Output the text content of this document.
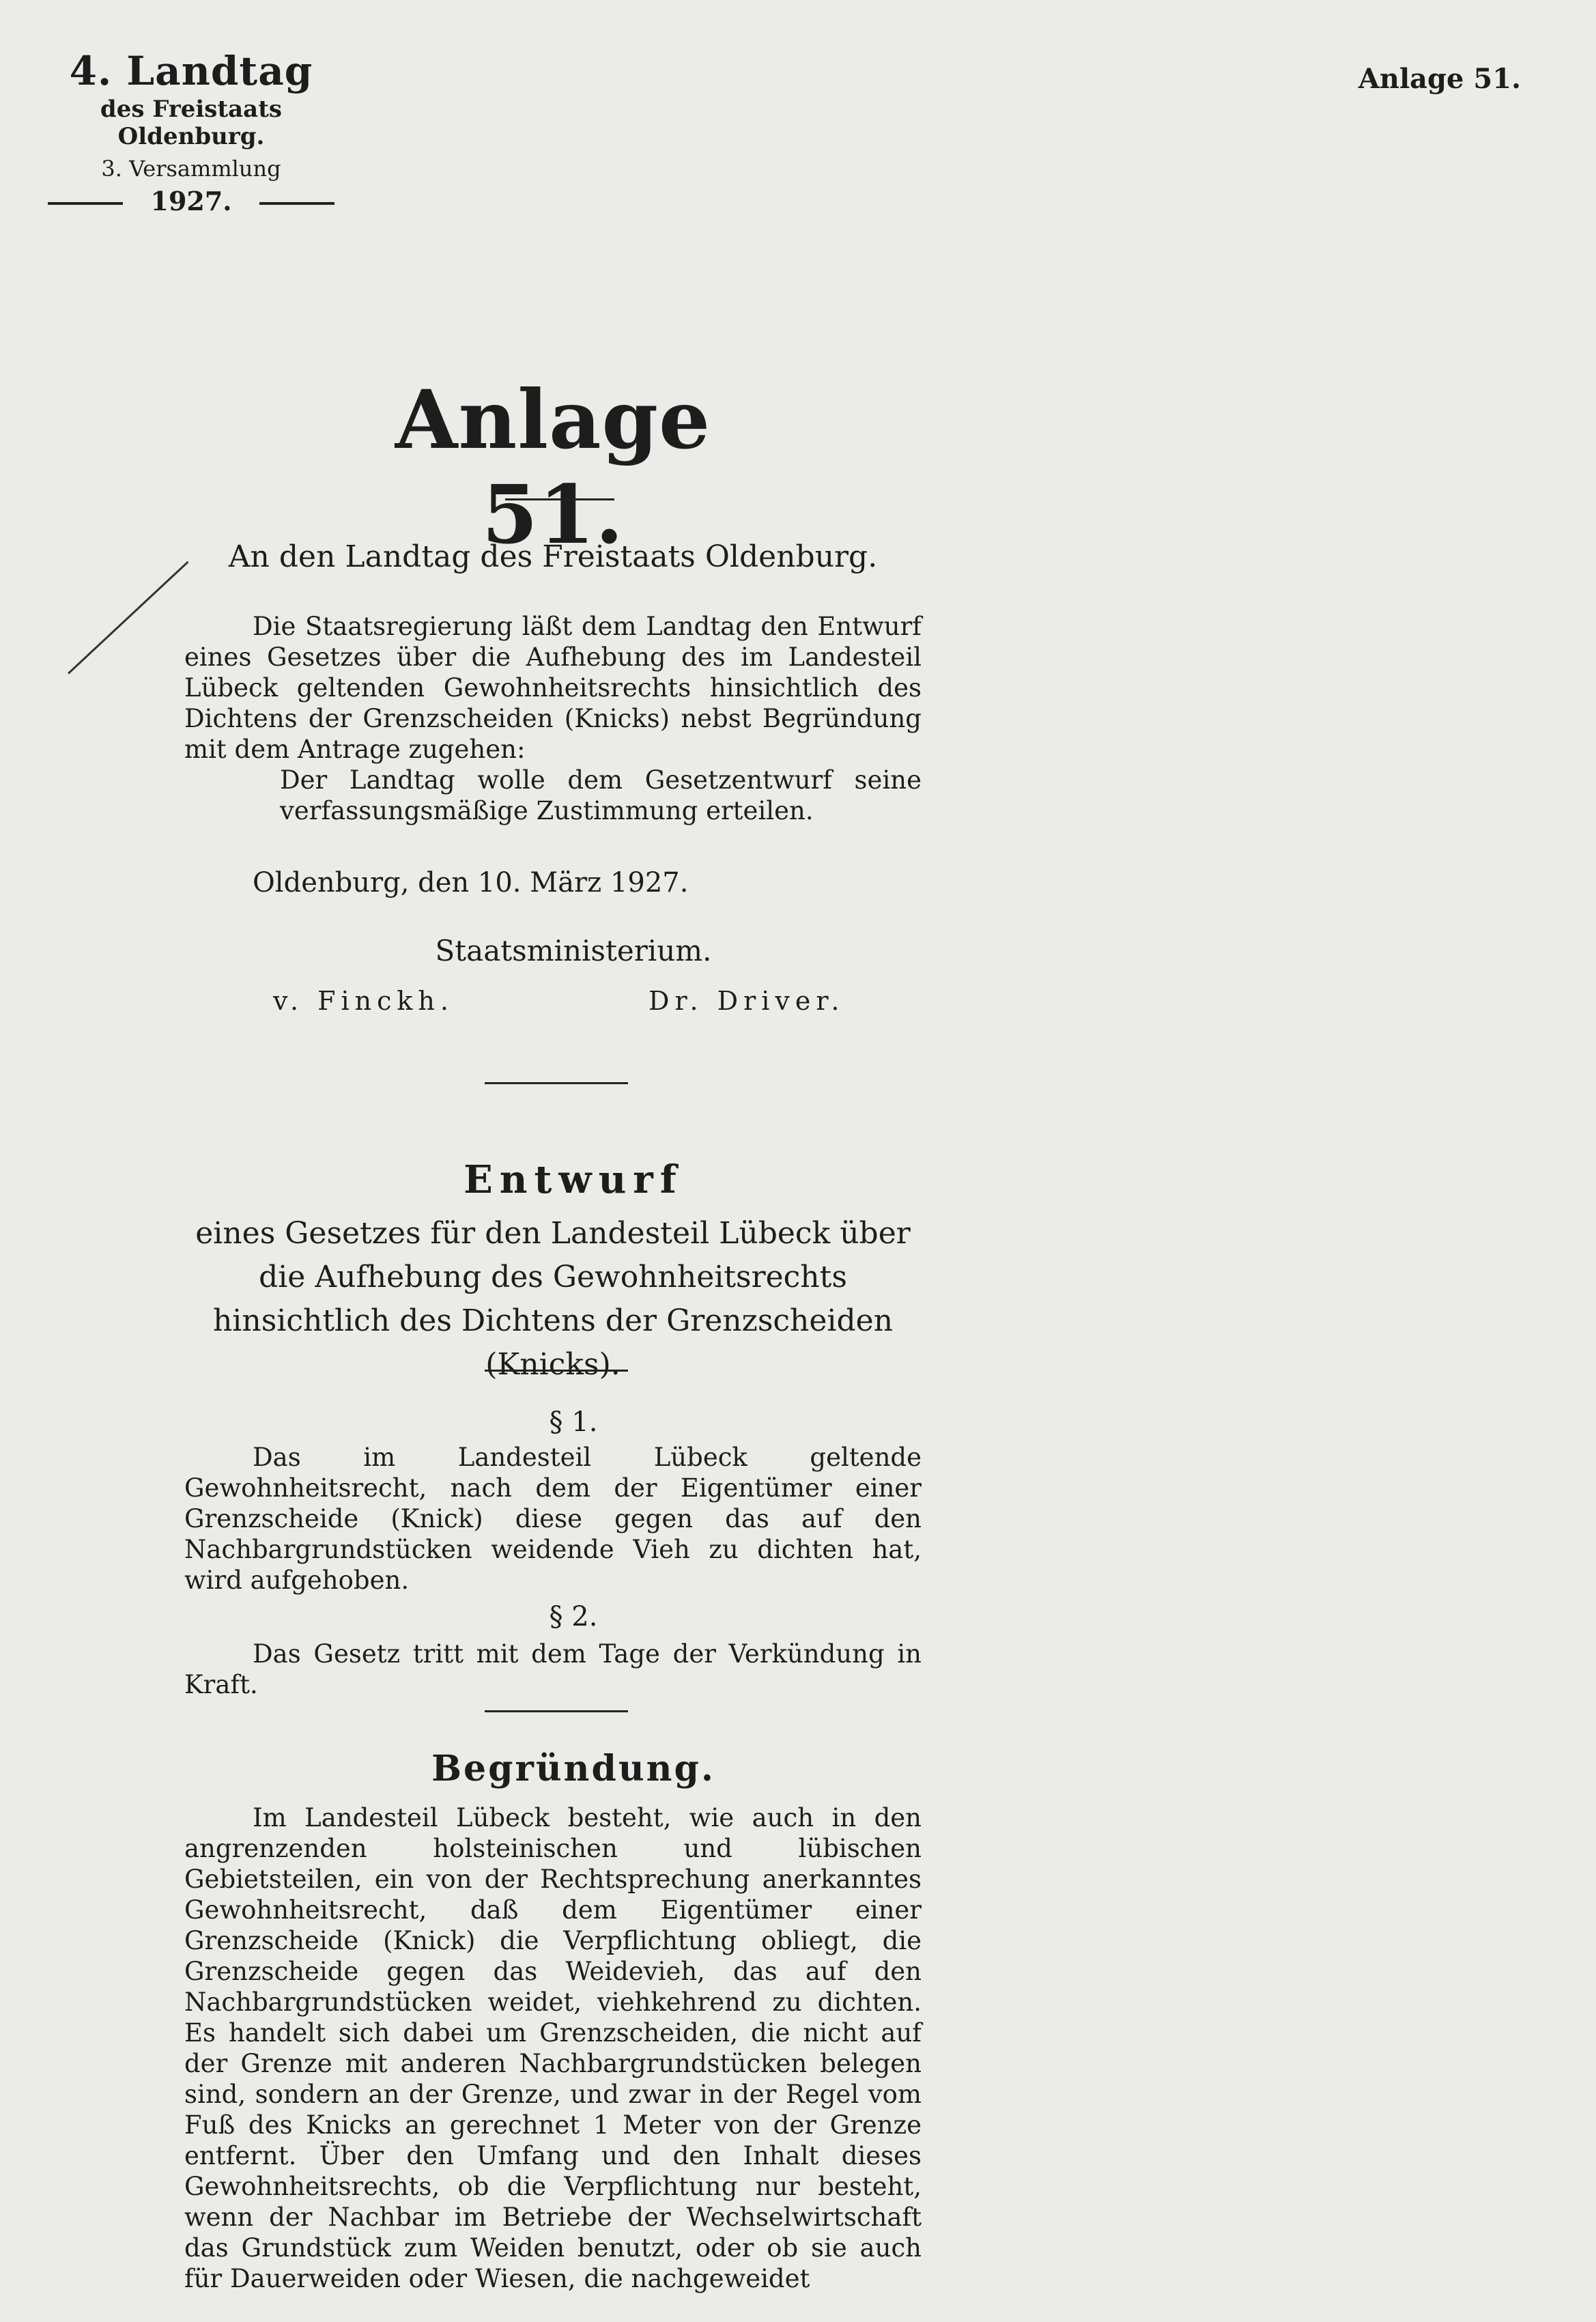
4. Landtag
des Freistaats Oldenburg.
3. Versammlung
1927.
Anlage 51.
Anlage 51.
An den Landtag des Freistaats Oldenburg.

Die Staatsregierung läßt dem Landtag den Entwurf eines Gesetzes über die Aufhebung des im Landesteil Lübeck geltenden Gewohnheitsrechts hinsichtlich des Dichtens der Grenzscheiden (Knicks) nebst Begründung mit dem Antrage zugehen:

Der Landtag wolle dem Gesetzentwurf seine verfassungsmäßige Zustimmung erteilen.

Oldenburg, den 10. März 1927.
Staatsministerium.
v. Finckh.	Dr. Driver.
Entwurf
eines Gesetzes für den Landesteil Lübeck über die Aufhebung des Gewohnheitsrechts hinsichtlich des Dichtens der Grenzscheiden (Knicks).
§ 1.

Das im Landesteil Lübeck geltende Gewohnheitsrecht, nach dem der Eigentümer einer Grenzscheide (Knick) diese gegen das auf den Nachbargrundstücken weidende Vieh zu dichten hat, wird aufgehoben.

§ 2.

Das Gesetz tritt mit dem Tage der Verkündung in Kraft.

Begründung.

Im Landesteil Lübeck besteht, wie auch in den angrenzenden holsteinischen und lübischen Gebietsteilen, ein von der Rechtsprechung anerkanntes Gewohnheitsrecht, daß dem Eigentümer einer Grenzscheide (Knick) die Verpflichtung obliegt, die Grenzscheide gegen das Weidevieh, das auf den Nachbargrundstücken weidet, viehkehrend zu dichten. Es handelt sich dabei um Grenzscheiden, die nicht auf der Grenze mit anderen Nachbargrundstücken belegen sind, sondern an der Grenze, und zwar in der Regel vom Fuß des Knicks an gerechnet 1 Meter von der Grenze entfernt. Über den Umfang und den Inhalt dieses Gewohnheitsrechts, ob die Verpflichtung nur besteht, wenn der Nachbar im Betriebe der Wechselwirtschaft das Grundstück zum Weiden benutzt, oder ob sie auch für Dauerweiden oder Wiesen, die nachgeweidet
